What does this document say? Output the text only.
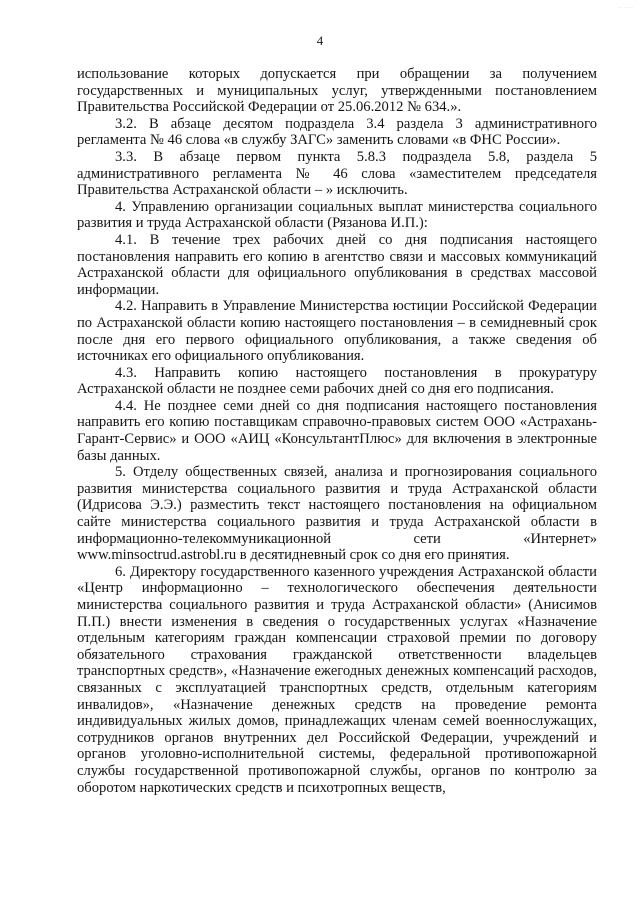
......
4

использование которых допускается при обращении за получением государственных и муниципальных услуг, утвержденными постановлением Правительства Российской Федерации от 25.06.2012 № 634.».

3.2. В абзаце десятом подраздела 3.4 раздела 3 административного регламента № 46 слова «в службу ЗАГС» заменить словами «в ФНС России».

3.3. В абзаце первом пункта 5.8.3 подраздела 5.8, раздела 5 административного регламента № 46 слова «заместителем председателя Правительства Астраханской области – » исключить.

4. Управлению организации социальных выплат министерства социального развития и труда Астраханской области (Рязанова И.П.):

4.1. В течение трех рабочих дней со дня подписания настоящего постановления направить его копию в агентство связи и массовых коммуникаций Астраханской области для официального опубликования в средствах массовой информации.

4.2. Направить в Управление Министерства юстиции Российской Федерации по Астраханской области копию настоящего постановления – в семидневный срок после дня его первого официального опубликования, а также сведения об источниках его официального опубликования.

4.3. Направить копию настоящего постановления в прокуратуру Астраханской области не позднее семи рабочих дней со дня его подписания.

4.4. Не позднее семи дней со дня подписания настоящего постановления направить его копию поставщикам справочно-правовых систем ООО «Астрахань-Гарант-Сервис» и ООО «АИЦ «КонсультантПлюс» для включения в электронные базы данных.

5. Отделу общественных связей, анализа и прогнозирования социального развития министерства социального развития и труда Астраханской области (Идрисова Э.Э.) разместить текст настоящего постановления на официальном сайте министерства социального развития и труда Астраханской области в информационно-телекоммуникационной сети «Интернет» www.minsoctrud.astrobl.ru в десятидневный срок со дня его принятия.

6. Директору государственного казенного учреждения Астраханской области «Центр информационно – технологического обеспечения деятельности министерства социального развития и труда Астраханской области» (Анисимов П.П.) внести изменения в сведения о государственных услугах «Назначение отдельным категориям граждан компенсации страховой премии по договору обязательного страхования гражданской ответственности владельцев транспортных средств», «Назначение ежегодных денежных компенсаций расходов, связанных с эксплуатацией транспортных средств, отдельным категориям инвалидов», «Назначение денежных средств на проведение ремонта индивидуальных жилых домов, принадлежащих членам семей военнослужащих, сотрудников органов внутренних дел Российской Федерации, учреждений и органов уголовно-исполнительной системы, федеральной противопожарной службы государственной противопожарной службы, органов по контролю за оборотом наркотических средств и психотропных веществ,
